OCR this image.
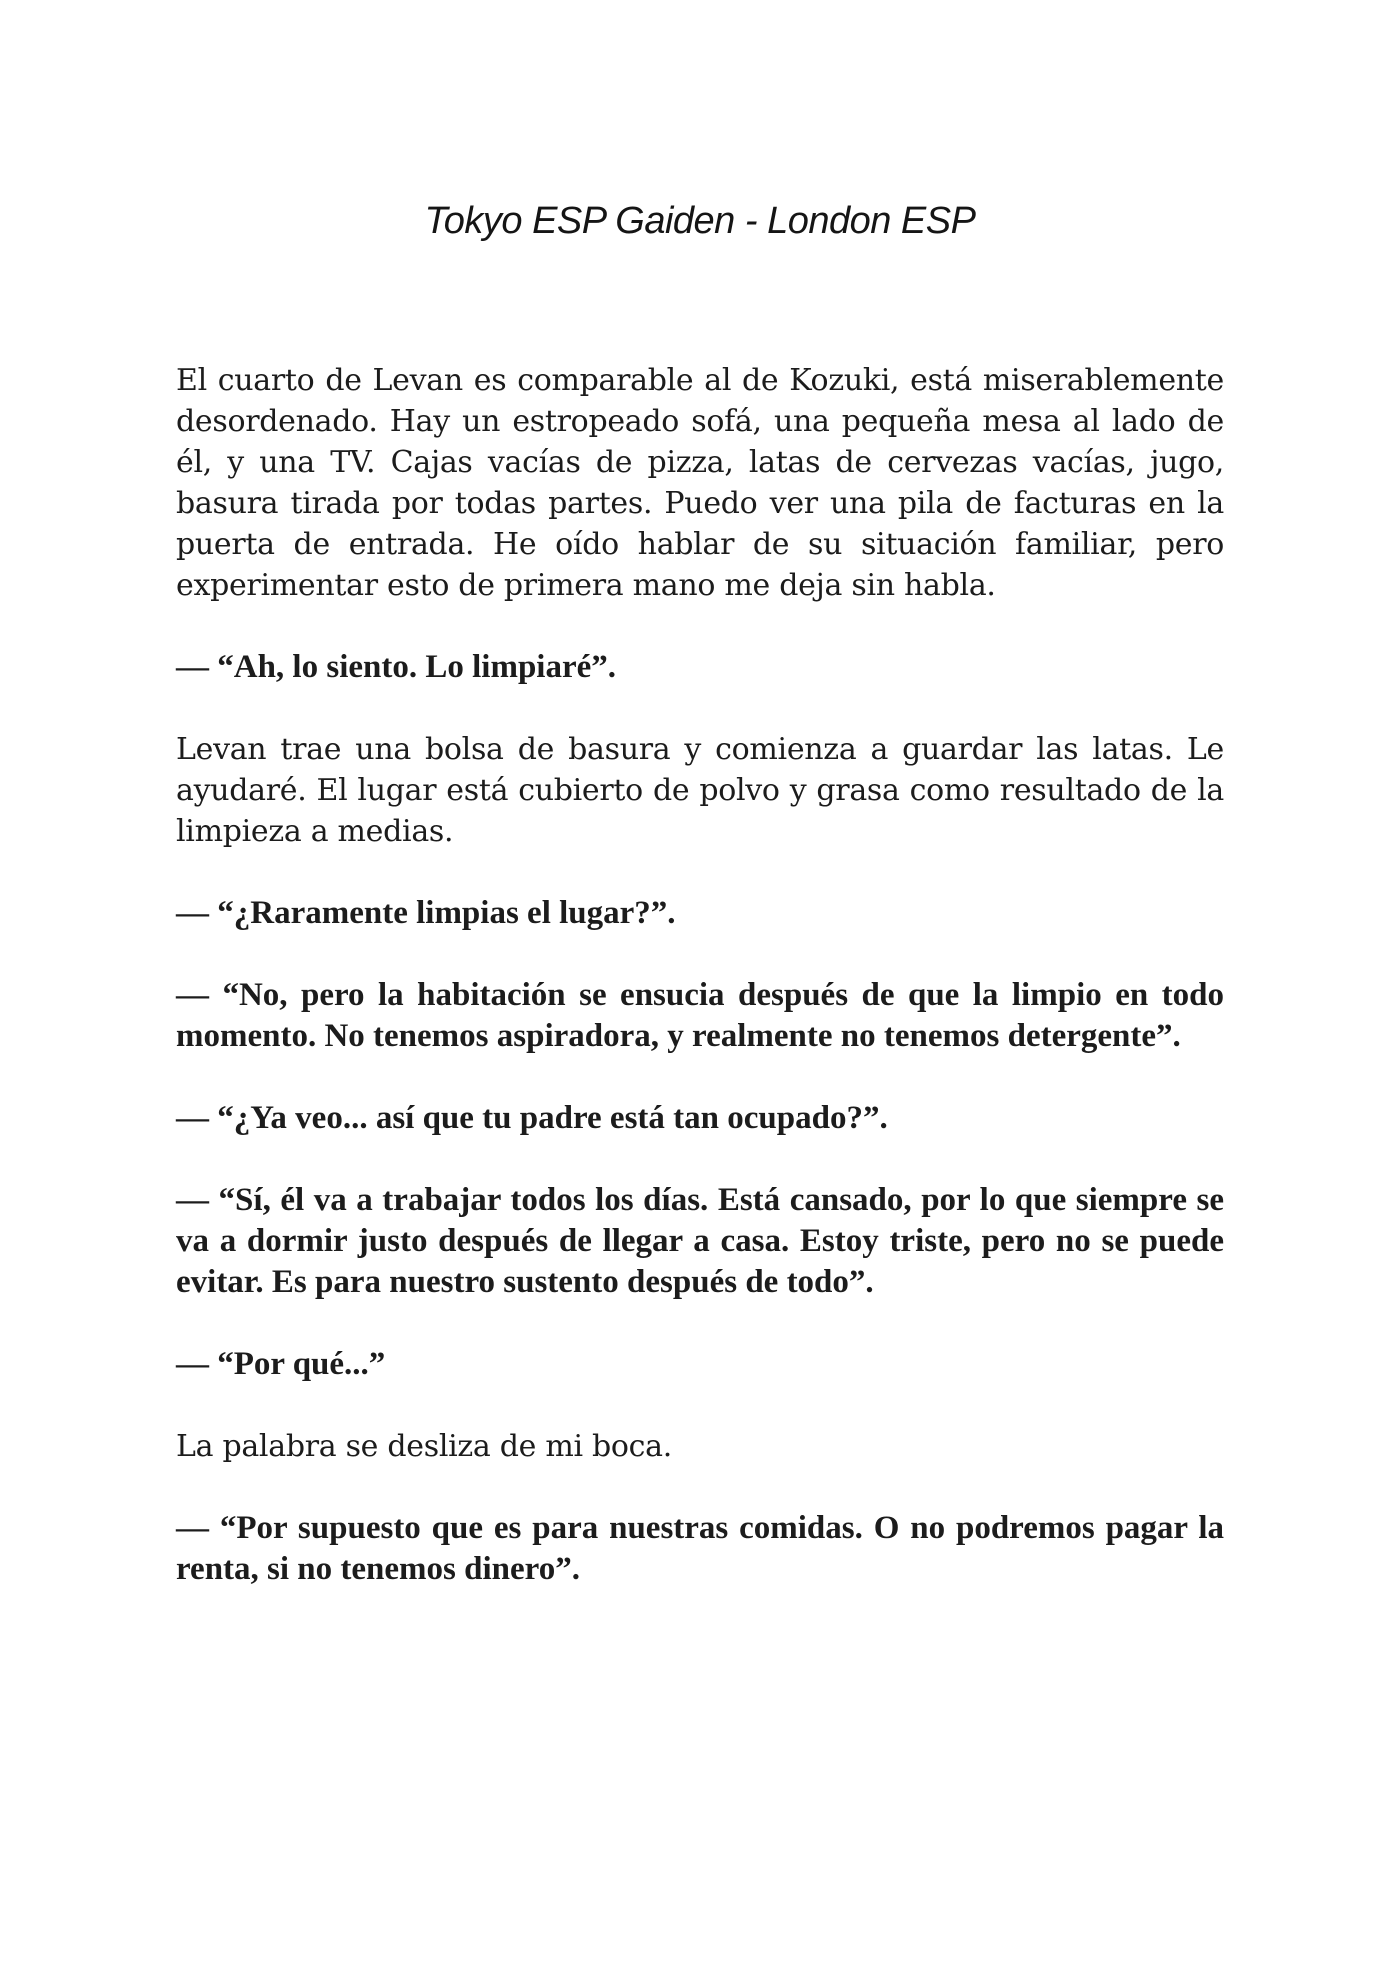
Tokyo ESP Gaiden - London ESP

El cuarto de Levan es comparable al de Kozuki, está miserablemente desordenado. Hay un estropeado sofá, una pequeña mesa al lado de él, y una TV. Cajas vacías de pizza, latas de cervezas vacías, jugo, basura tirada por todas partes. Puedo ver una pila de facturas en la puerta de entrada. He oído hablar de su situación familiar, pero experimentar esto de primera mano me deja sin habla.

— “Ah, lo siento. Lo limpiaré”.

Levan trae una bolsa de basura y comienza a guardar las latas. Le ayudaré. El lugar está cubierto de polvo y grasa como resultado de la limpieza a medias.

— “¿Raramente limpias el lugar?”.

— “No, pero la habitación se ensucia después de que la limpio en todo momento. No tenemos aspiradora, y realmente no tenemos detergente”.

— “¿Ya veo... así que tu padre está tan ocupado?”.

— “Sí, él va a trabajar todos los días. Está cansado, por lo que siempre se va a dormir justo después de llegar a casa. Estoy triste, pero no se puede evitar. Es para nuestro sustento después de todo”.

— “Por qué...”

La palabra se desliza de mi boca.

— “Por supuesto que es para nuestras comidas. O no podremos pagar la renta, si no tenemos dinero”.
